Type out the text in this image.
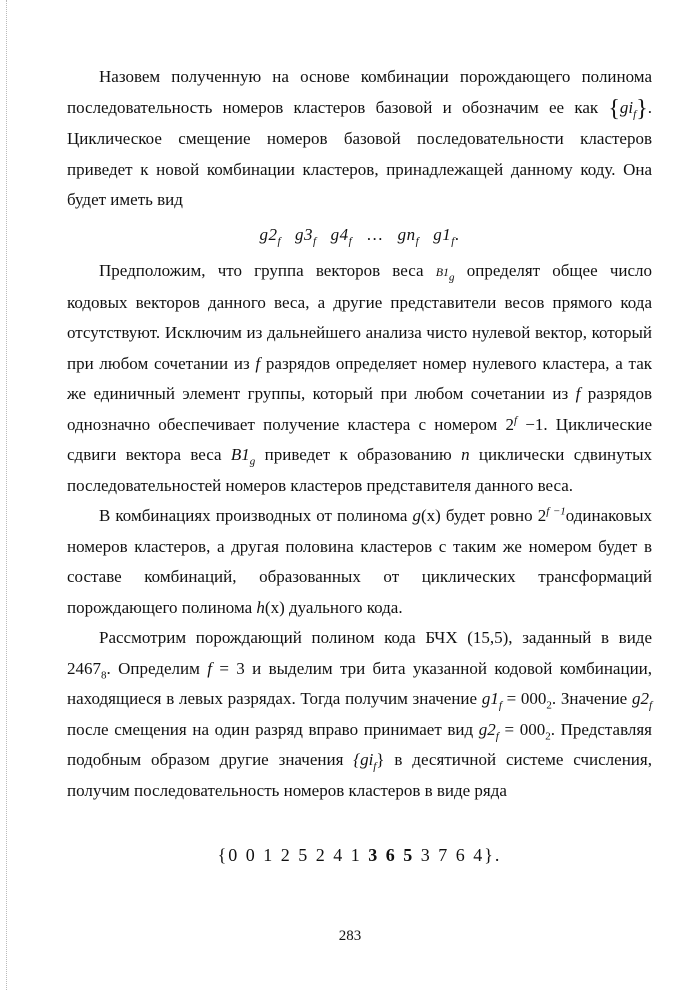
Назовем полученную на основе комбинации порождающего полинома последовательность номеров кластеров базовой и обозначим ее как $\{gi_f\}$. Циклическое смещение номеров базовой последовательности кластеров приведет к новой комбинации кластеров, принадлежащей данному коду. Она будет иметь вид

$g2_f$ $g3_f$ $g4_f$ … $gn_f$ $g1_f$.

Предположим, что группа векторов веса $B1_g$ определят общее число кодовых векторов данного веса, а другие представители весов прямого кода отсутствуют. Исключим из дальнейшего анализа чисто нулевой вектор, который при любом сочетании из f разрядов определяет номер нулевого кластера, а так же единичный элемент группы, который при любом сочетании из f разрядов однозначно обеспечивает получение кластера с номером $2^f -1$. Циклические сдвиги вектора веса $B1_g$ приведет к образованию n циклически сдвинутых последовательностей номеров кластеров представителя данного веса.

В комбинациях производных от полинома g(x) будет ровно $2^{f -1}одинаковых$ номеров кластеров, а другая половина кластеров с таким же номером будет в составе комбинаций, образованных от циклических трансформаций порождающего полинома h(x) дуального кода.

Рассмотрим порождающий полином кода БЧХ (15,5), заданный в виде $2467_8$. Определим f = 3 и выделим три бита указанной кодовой комбинации, находящиеся в левых разрядах. Тогда получим значение $g1_f = 000_2$. Значение $g2_f$ после смещения на один разряд вправо принимает вид $g2_f = 000_2$. Представляя подобным образом другие значения $\{gi_f\}$ в десятичной системе счисления, получим последовательность номеров кластеров в виде ряда

{0 0 1 2 5 2 4 1 3 6 5 3 7 6 4}.

283
